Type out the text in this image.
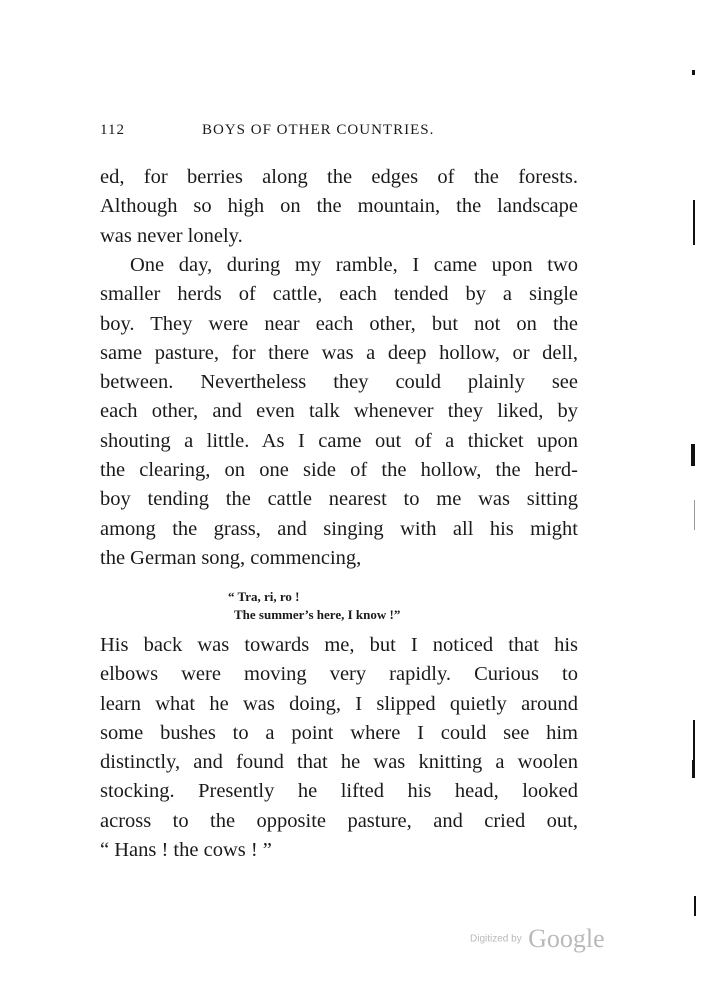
112	BOYS OF OTHER COUNTRIES.
ed, for berries along the edges of the forests.
Although so high on the mountain, the landscape
was never lonely.
One day, during my ramble, I came upon two
smaller herds of cattle, each tended by a single
boy. They were near each other, but not on the
same pasture, for there was a deep hollow, or dell,
between. Nevertheless they could plainly see
each other, and even talk whenever they liked, by
shouting a little. As I came out of a thicket upon
the clearing, on one side of the hollow, the herd-
boy tending the cattle nearest to me was sitting
among the grass, and singing with all his might
the German song, commencing,
“ Tra, ri, ro !
The summer’s here, I know !”
His back was towards me, but I noticed that his
elbows were moving very rapidly. Curious to
learn what he was doing, I slipped quietly around
some bushes to a point where I could see him
distinctly, and found that he was knitting a woolen
stocking. Presently he lifted his head, looked
across to the opposite pasture, and cried out,
“ Hans ! the cows ! ”
Digitized by Google
